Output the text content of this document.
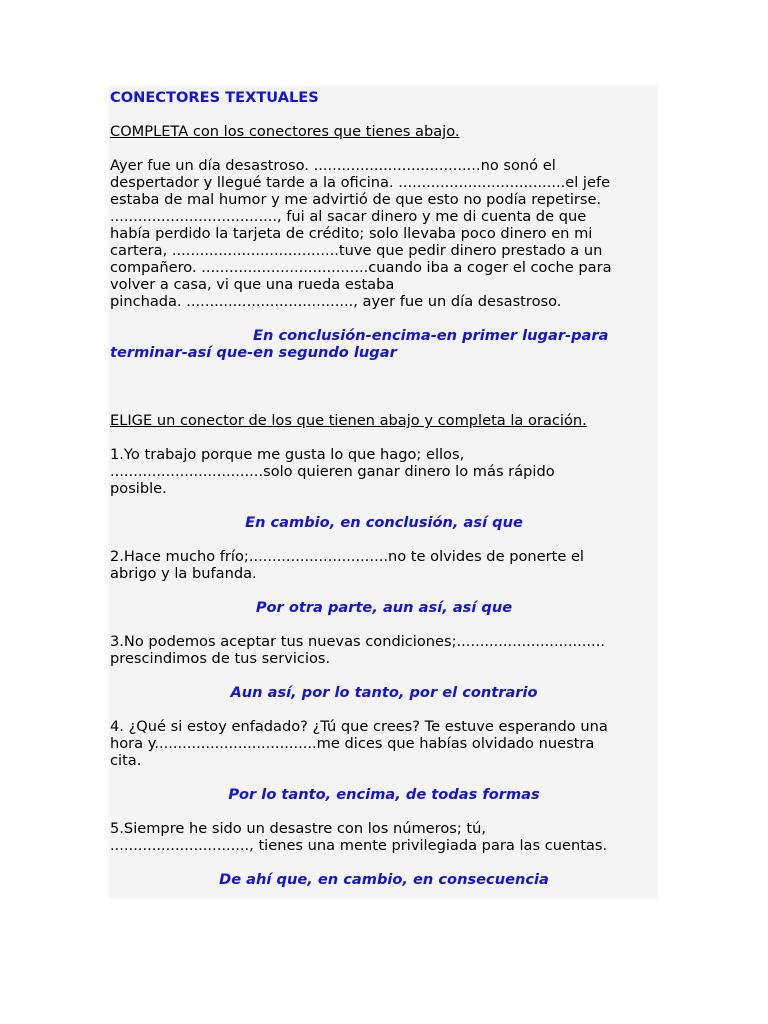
CONECTORES TEXTUALES
COMPLETA con los conectores que tienes abajo.
Ayer fue un día desastroso. ....................................no sonó el
despertador y llegué tarde a la oficina. ....................................el jefe
estaba de mal humor y me advirtió de que esto no podía repetirse.
...................................., fui al sacar dinero y me di cuenta de que
había perdido la tarjeta de crédito; solo llevaba poco dinero en mi
cartera, ....................................tuve que pedir dinero prestado a un
compañero. ....................................cuando iba a coger el coche para
volver a casa, vi que una rueda estaba
pinchada. ...................................., ayer fue un día desastroso.
En conclusión-encima-en primer lugar-para
terminar-así que-en segundo lugar
ELIGE un conector de los que tienen abajo y completa la oración.
1.Yo trabajo porque me gusta lo que hago; ellos,
.................................solo quieren ganar dinero lo más rápido
posible.
En cambio, en conclusión, así que
2.Hace mucho frío;..............................no te olvides de ponerte el
abrigo y la bufanda.
Por otra parte, aun así, así que
3.No podemos aceptar tus nuevas condiciones;................................
prescindimos de tus servicios.
Aun así, por lo tanto, por el contrario
4. ¿Qué si estoy enfadado? ¿Tú que crees? Te estuve esperando una
hora y...................................me dices que habías olvidado nuestra
cita.
Por lo tanto, encima, de todas formas
5.Siempre he sido un desastre con los números; tú,
.............................., tienes una mente privilegiada para las cuentas.
De ahí que, en cambio, en consecuencia
